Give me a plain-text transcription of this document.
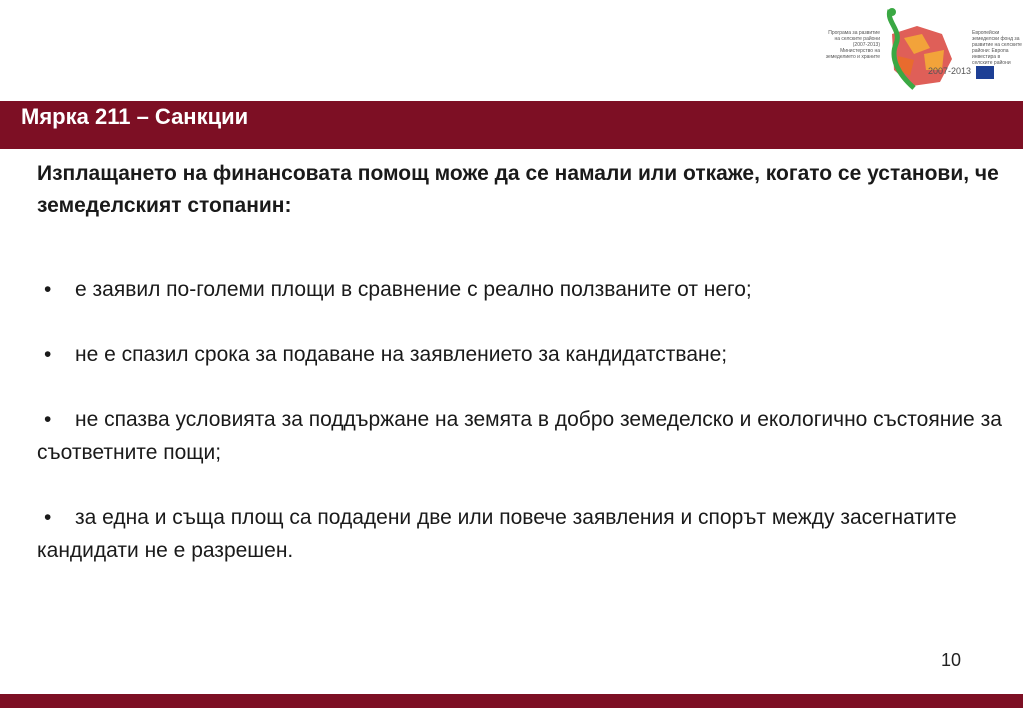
Програма за развитие на селските райони (2007-2013) Министерство на земеделието и храните
Европейски земеделски фонд за развитие на селските райони: Европа инвестира в селските райони
2007-2013
Мярка 211 – Санкции

Изплащането на финансовата помощ може да се намали или откаже, когато се установи, че земеделският стопанин:

• е заявил по-големи площи в сравнение с реално ползваните от него;
• не е спазил срока за подаване на заявлението за кандидатстване;
• не спазва условията за поддържане на земята в добро земеделско и екологично състояние за съответните пощи;
• за една и съща площ са подадени две или повече заявления и спорът между засегнатите кандидати не е разрешен.
10
